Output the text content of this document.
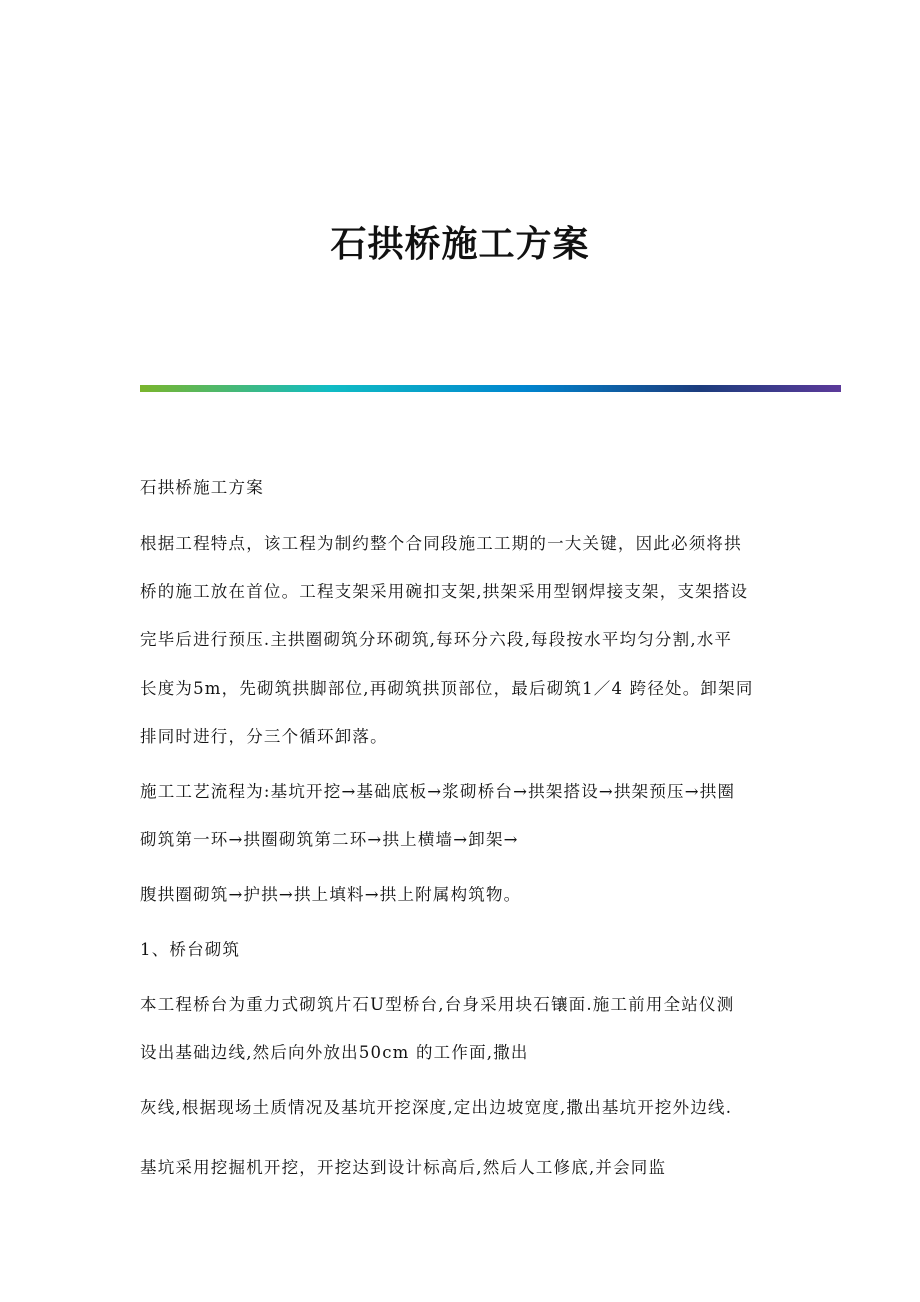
石拱桥施工方案
石拱桥施工方案
根据工程特点，该工程为制约整个合同段施工工期的一大关键，因此必须将拱
桥的施工放在首位。工程支架采用碗扣支架,拱架采用型钢焊接支架，支架搭设
完毕后进行预压.主拱圈砌筑分环砌筑,每环分六段,每段按水平均匀分割,水平
长度为5m，先砌筑拱脚部位,再砌筑拱顶部位，最后砌筑1／4 跨径处。卸架同
排同时进行，分三个循环卸落。
施工工艺流程为:基坑开挖→基础底板→浆砌桥台→拱架搭设→拱架预压→拱圈
砌筑第一环→拱圈砌筑第二环→拱上横墙→卸架→
腹拱圈砌筑→护拱→拱上填料→拱上附属构筑物。
1、桥台砌筑
本工程桥台为重力式砌筑片石U型桥台,台身采用块石镶面.施工前用全站仪测
设出基础边线,然后向外放出50cm 的工作面,撒出
灰线,根据现场土质情况及基坑开挖深度,定出边坡宽度,撒出基坑开挖外边线.
基坑采用挖掘机开挖，开挖达到设计标高后,然后人工修底,并会同监
